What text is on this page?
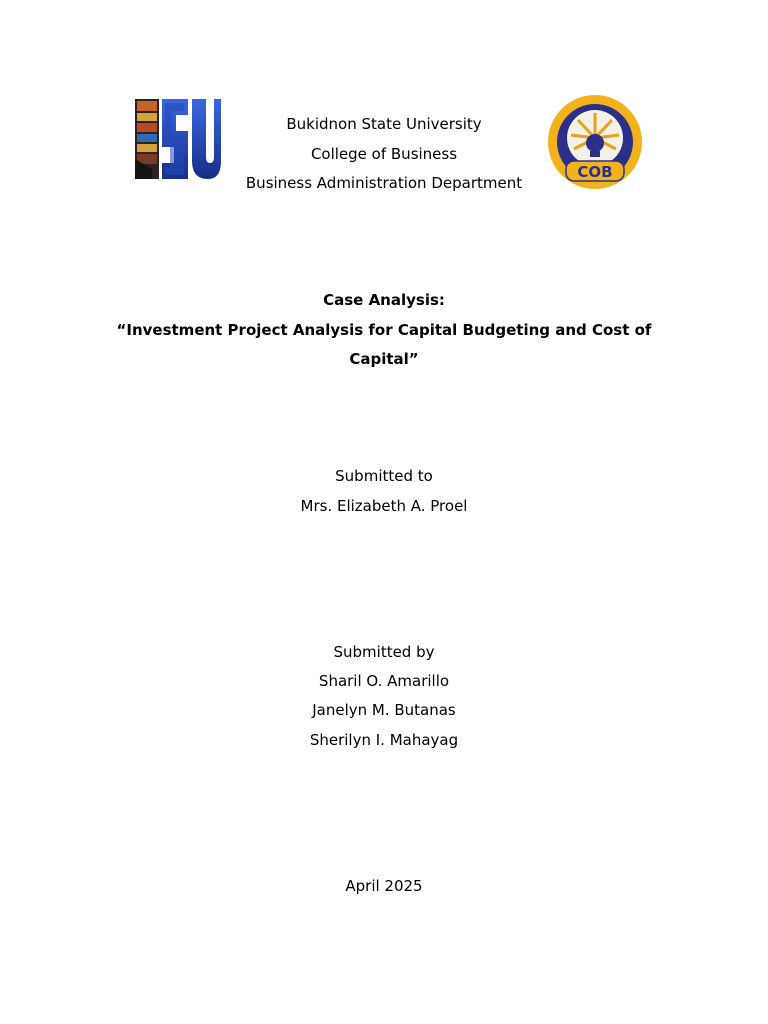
COB
Bukidnon State University
College of Business
Business Administration Department
Case Analysis:
“Investment Project Analysis for Capital Budgeting and Cost of
Capital”
Submitted to
Mrs. Elizabeth A. Proel
Submitted by
Sharil O. Amarillo
Janelyn M. Butanas
Sherilyn I. Mahayag
April 2025
